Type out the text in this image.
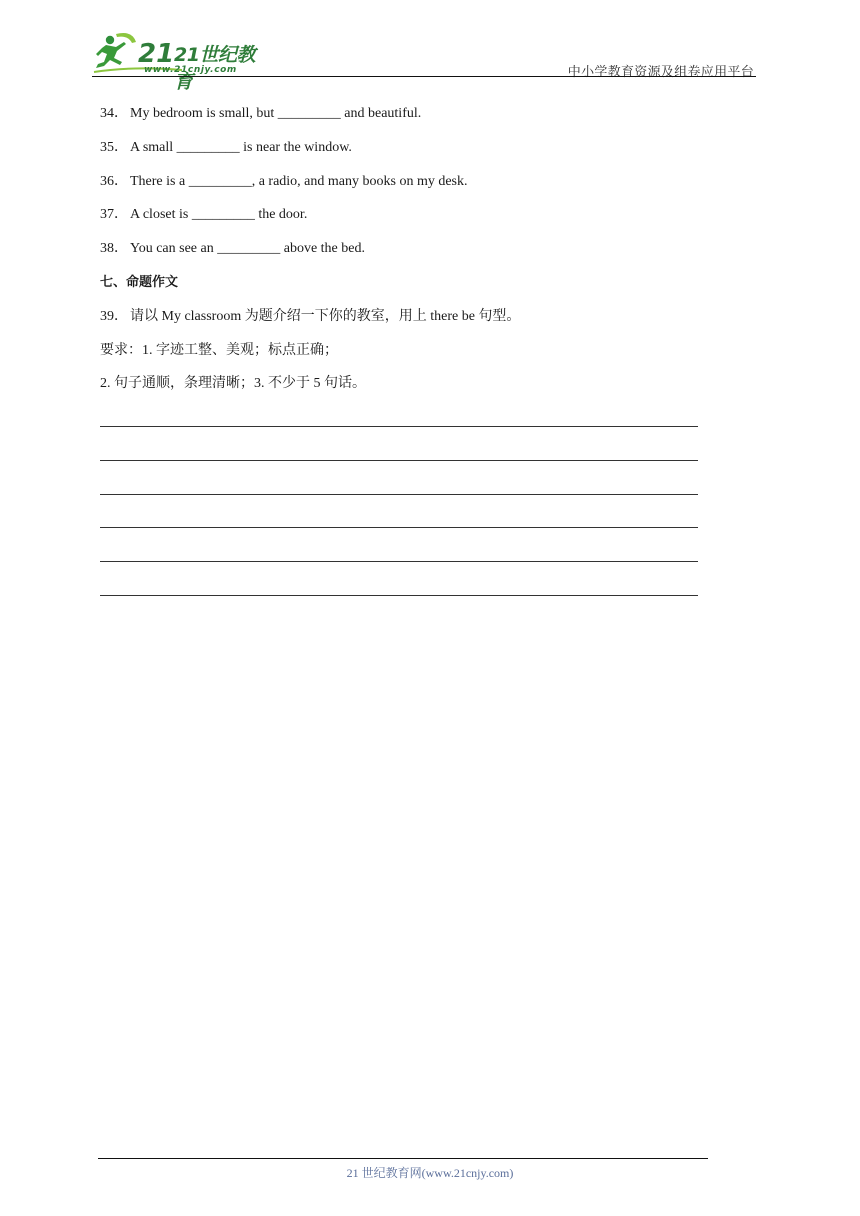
21 21世纪教育
www.21cnjy.com	中小学教育资源及组卷应用平台
34． My bedroom is small, but _________ and beautiful.
35． A small _________ is near the window.
36． There is a _________, a radio, and many books on my desk.
37． A closet is _________ the door.
38． You can see an _________ above the bed.
七、命题作文
39． 请以 My classroom 为题介绍一下你的教室，用上 there be 句型。
要求：1. 字迹工整、美观；标点正确；
2. 句子通顺，条理清晰；3. 不少于 5 句话。
21 世纪教育网(www.21cnjy.com)
